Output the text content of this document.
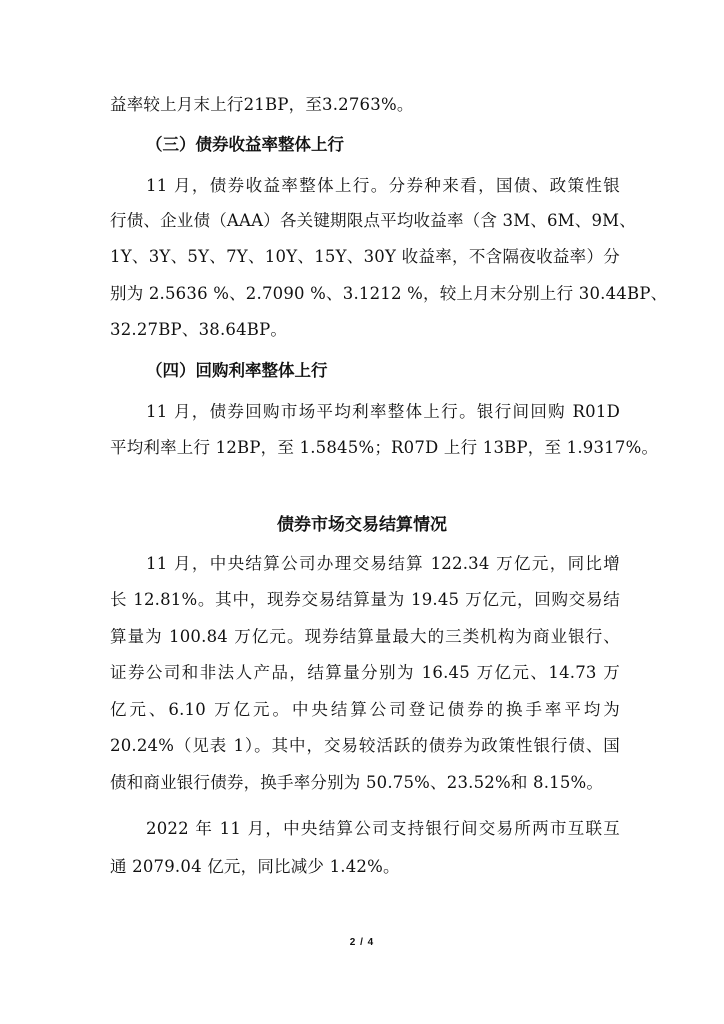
益率较上月末上行21BP，至3.2763%。
（三）债券收益率整体上行
11 月，债券收益率整体上行。分券种来看，国债、政策性银
行债、企业债（AAA）各关键期限点平均收益率（含 3M、6M、9M、
1Y、3Y、5Y、7Y、10Y、15Y、30Y 收益率，不含隔夜收益率）分
别为 2.5636 %、2.7090 %、3.1212 %，较上月末分别上行 30.44BP、
32.27BP、38.64BP。
（四）回购利率整体上行
11 月，债券回购市场平均利率整体上行。银行间回购 R01D
平均利率上行 12BP，至 1.5845%；R07D 上行 13BP，至 1.9317%。
债券市场交易结算情况
11 月，中央结算公司办理交易结算 122.34 万亿元，同比增
长 12.81%。其中，现券交易结算量为 19.45 万亿元，回购交易结
算量为 100.84 万亿元。现券结算量最大的三类机构为商业银行、
证券公司和非法人产品，结算量分别为 16.45 万亿元、14.73 万
亿元、6.10 万亿元。中央结算公司登记债券的换手率平均为
20.24%（见表 1）。其中，交易较活跃的债券为政策性银行债、国
债和商业银行债券，换手率分别为 50.75%、23.52%和 8.15%。
2022 年 11 月，中央结算公司支持银行间交易所两市互联互
通 2079.04 亿元，同比减少 1.42%。
2 / 4
